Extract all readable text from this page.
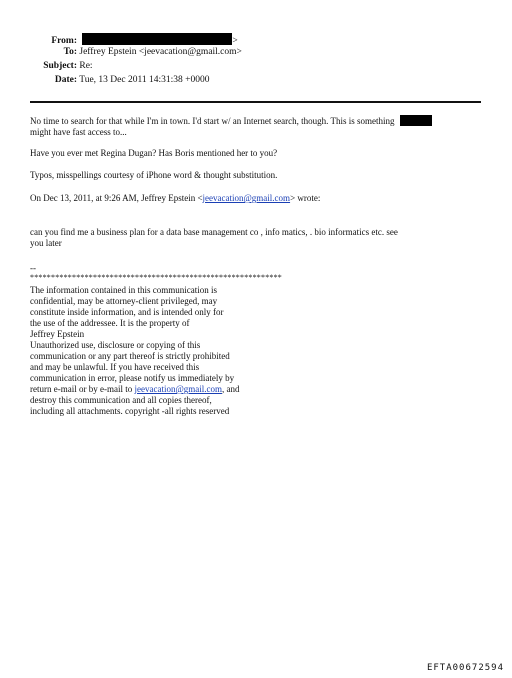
From:	>
To: Jeffrey Epstein <jeevacation@gmail.com>
Subject: Re:
Date: Tue, 13 Dec 2011 14:31:38 +0000
No time to search for that while I'm in town. I'd start w/ an Internet search, though. This is something
might have fast access to...
Have you ever met Regina Dugan? Has Boris mentioned her to you?
Typos, misspellings courtesy of iPhone word & thought substitution.
On Dec 13, 2011, at 9:26 AM, Jeffrey Epstein <jeevacation@gmail.com> wrote:
can you find me a business plan for a data base management co , info matics, . bio informatics etc. see
you later
--
************************************************************
The information contained in this communication is
confidential, may be attorney-client privileged, may
constitute inside information, and is intended only for
the use of the addressee. It is the property of
Jeffrey Epstein
Unauthorized use, disclosure or copying of this
communication or any part thereof is strictly prohibited
and may be unlawful. If you have received this
communication in error, please notify us immediately by
return e-mail or by e-mail to jeevacation@gmail.com, and
destroy this communication and all copies thereof,
including all attachments. copyright -all rights reserved
EFTA00672594
